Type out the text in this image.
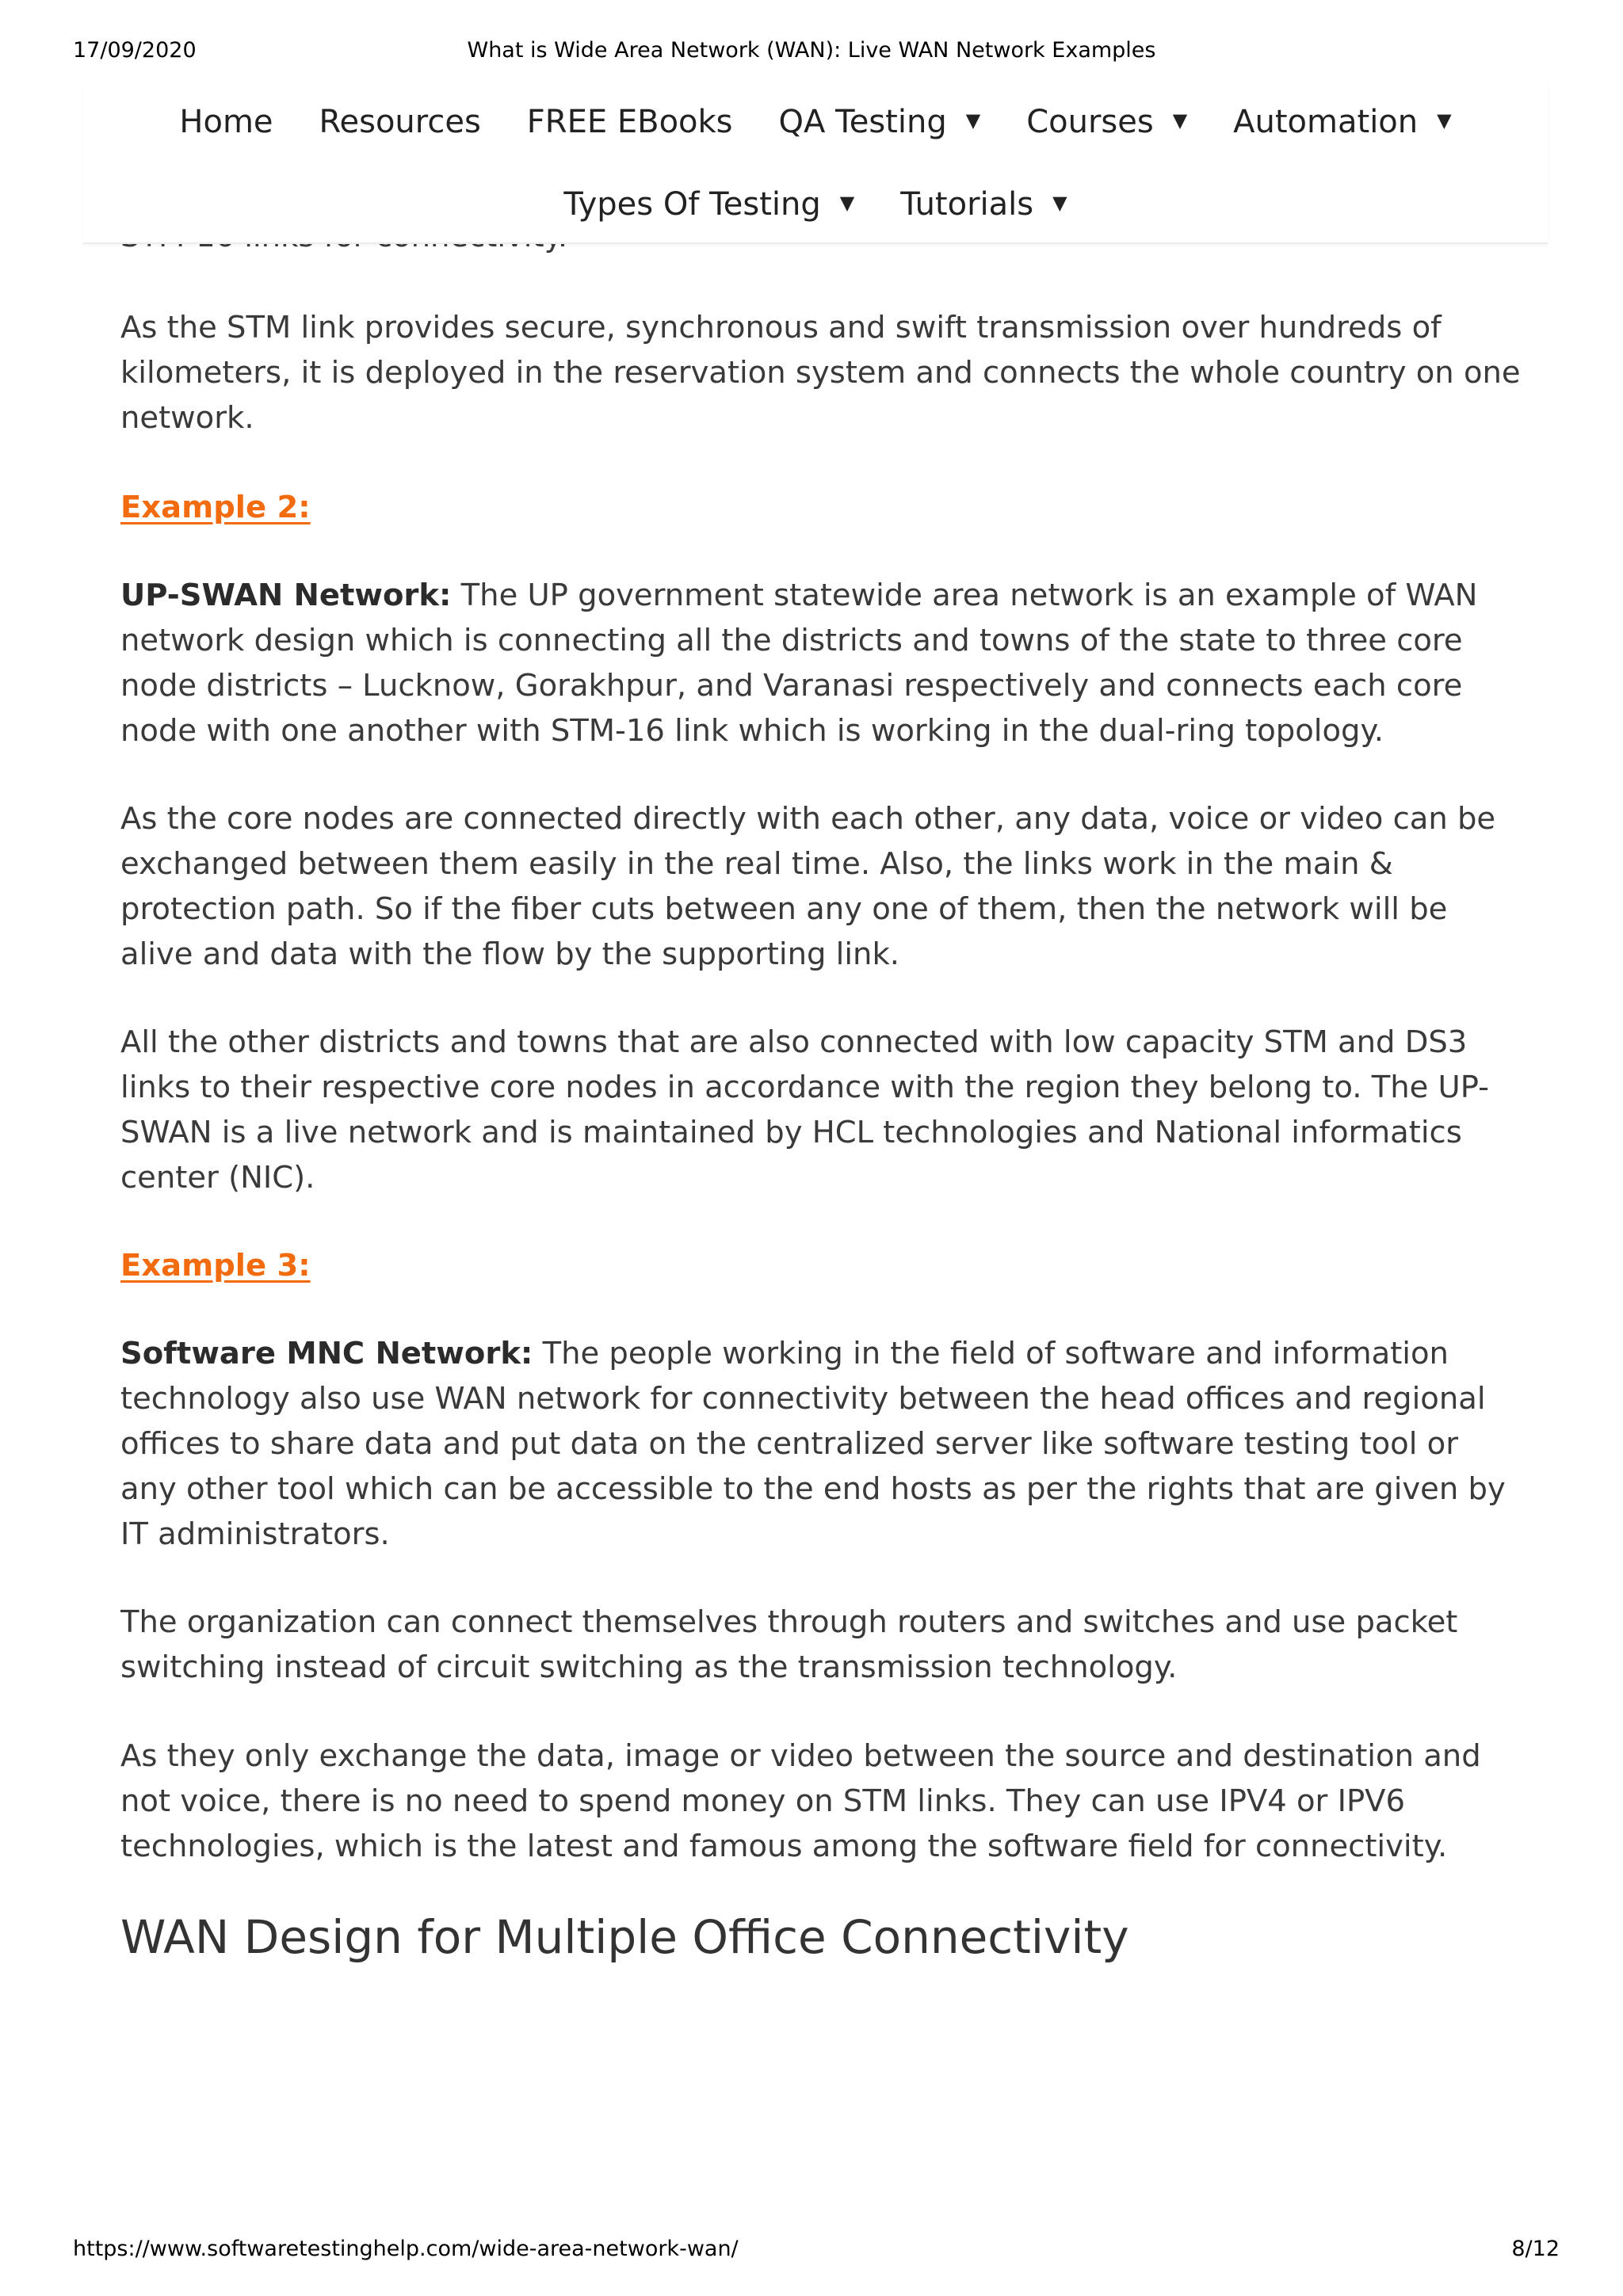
17/09/2020	What is Wide Area Network (WAN): Live WAN Network Examples
Home Resources FREE EBooks QA Testing ▼ Courses ▼ Automation ▼
Types Of Testing ▼ Tutorials ▼

As the STM link provides secure, synchronous and swift transmission over hundreds of kilometers, it is deployed in the reservation system and connects the whole country on one network.

Example 2:

UP-SWAN Network: The UP government statewide area network is an example of WAN network design which is connecting all the districts and towns of the state to three core node districts – Lucknow, Gorakhpur, and Varanasi respectively and connects each core node with one another with STM-16 link which is working in the dual-ring topology.

As the core nodes are connected directly with each other, any data, voice or video can be exchanged between them easily in the real time. Also, the links work in the main & protection path. So if the fiber cuts between any one of them, then the network will be alive and data with the flow by the supporting link.

All the other districts and towns that are also connected with low capacity STM and DS3 links to their respective core nodes in accordance with the region they belong to. The UP-SWAN is a live network and is maintained by HCL technologies and National informatics center (NIC).

Example 3:

Software MNC Network: The people working in the field of software and information technology also use WAN network for connectivity between the head offices and regional offices to share data and put data on the centralized server like software testing tool or any other tool which can be accessible to the end hosts as per the rights that are given by IT administrators.

The organization can connect themselves through routers and switches and use packet switching instead of circuit switching as the transmission technology.

As they only exchange the data, image or video between the source and destination and not voice, there is no need to spend money on STM links. They can use IPV4 or IPV6 technologies, which is the latest and famous among the software field for connectivity.

WAN Design for Multiple Office Connectivity
https://www.softwaretestinghelp.com/wide-area-network-wan/	8/12
